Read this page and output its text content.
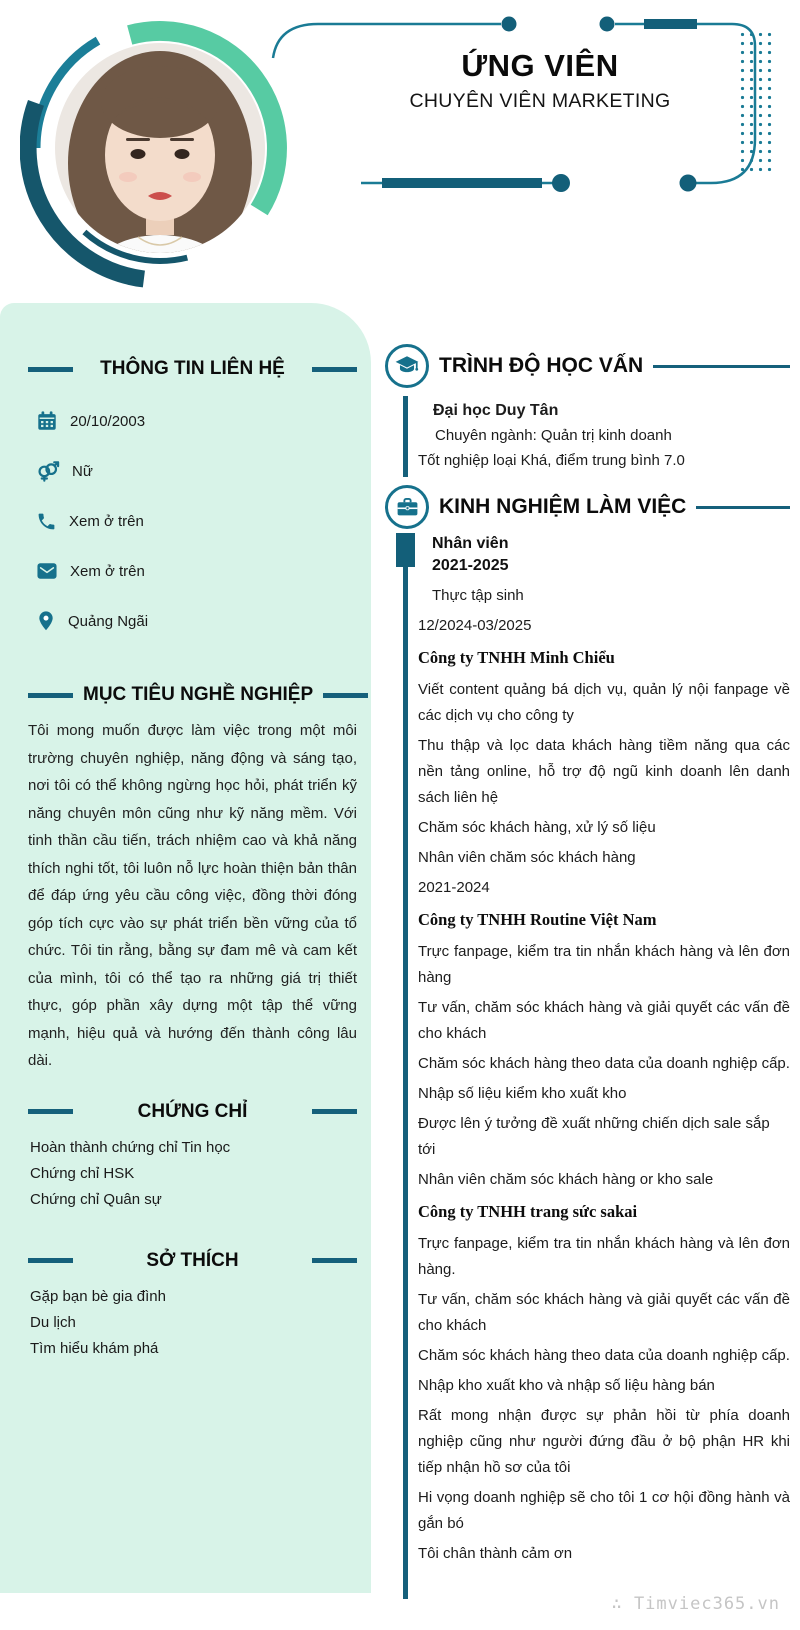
ỨNG VIÊN
CHUYÊN VIÊN MARKETING
THÔNG TIN LIÊN HỆ
20/10/2003
Nữ
Xem ở trên
Xem ở trên
Quảng Ngãi
MỤC TIÊU NGHỀ NGHIỆP
Tôi mong muốn được làm việc trong một môi trường chuyên nghiệp, năng động và sáng tạo, nơi tôi có thể không ngừng học hỏi, phát triển kỹ năng chuyên môn cũng như kỹ năng mềm. Với tinh thần cầu tiến, trách nhiệm cao và khả năng thích nghi tốt, tôi luôn nỗ lực hoàn thiện bản thân để đáp ứng yêu cầu công việc, đồng thời đóng góp tích cực vào sự phát triển bền vững của tổ chức. Tôi tin rằng, bằng sự đam mê và cam kết của mình, tôi có thể tạo ra những giá trị thiết thực, góp phần xây dựng một tập thể vững mạnh, hiệu quả và hướng đến thành công lâu dài.
CHỨNG CHỈ
Hoàn thành chứng chỉ Tin học
Chứng chỉ HSK
Chứng chỉ Quân sự
SỞ THÍCH
Gặp bạn bè gia đình
Du lịch
Tìm hiểu khám phá
TRÌNH ĐỘ HỌC VẤN
Đại học Duy Tân
Chuyên ngành: Quản trị kinh doanh
Tốt nghiệp loại Khá, điểm trung bình 7.0
KINH NGHIỆM LÀM VIỆC
Nhân viên
2021-2025

Thực tập sinh

12/2024-03/2025

Công ty TNHH Minh Chiểu

Viết content quảng bá dịch vụ, quản lý nội fanpage về các dịch vụ cho công ty

Thu thập và lọc data khách hàng tiềm năng qua các nền tảng online, hỗ trợ độ ngũ kinh doanh lên danh sách liên hệ

Chăm sóc khách hàng, xử lý số liệu

Nhân viên chăm sóc khách hàng

2021-2024

Công ty TNHH Routine Việt Nam

Trực fanpage, kiểm tra tin nhắn khách hàng và lên đơn hàng

Tư vấn, chăm sóc khách hàng và giải quyết các vấn đề cho khách

Chăm sóc khách hàng theo data của doanh nghiệp cấp.

Nhập số liệu kiểm kho xuất kho

Được lên ý tưởng đề xuất những chiến dịch sale sắp tới

Nhân viên chăm sóc khách hàng or kho sale

Công ty TNHH trang sức sakai

Trực fanpage, kiểm tra tin nhắn khách hàng và lên đơn hàng.

Tư vấn, chăm sóc khách hàng và giải quyết các vấn đề cho khách

Chăm sóc khách hàng theo data của doanh nghiệp cấp.

Nhập kho xuất kho và nhập số liệu hàng bán

Rất mong nhận được sự phản hồi từ phía doanh nghiệp cũng như người đứng đầu ở bộ phận HR khi tiếp nhận hồ sơ của tôi

Hi vọng doanh nghiệp sẽ cho tôi 1 cơ hội đồng hành và gắn bó

Tôi chân thành cảm ơn

∴ Timviec365.vn
